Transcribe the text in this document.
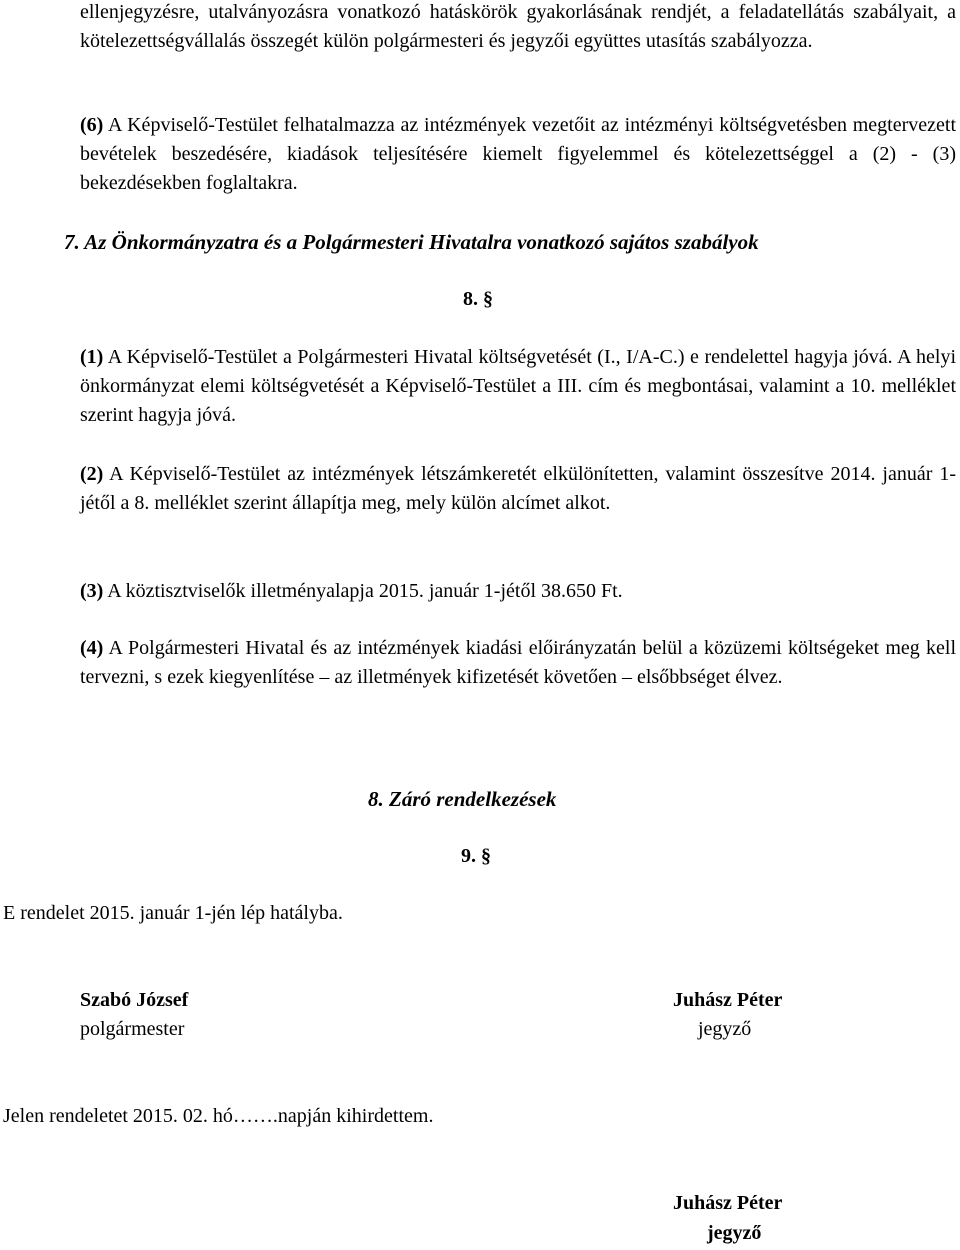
ellenjegyzésre, utalványozásra vonatkozó hatáskörök gyakorlásának rendjét, a feladatellátás szabályait, a kötelezettségvállalás összegét külön polgármesteri és jegyzői együttes utasítás szabályozza.

(6) A Képviselő-Testület felhatalmazza az intézmények vezetőit az intézményi költségvetésben megtervezett bevételek beszedésére, kiadások teljesítésére kiemelt figyelemmel és kötelezettséggel a (2) - (3) bekezdésekben foglaltakra.

7. Az Önkormányzatra és a Polgármesteri Hivatalra vonatkozó sajátos szabályok
8. §

(1) A Képviselő-Testület a Polgármesteri Hivatal költségvetését (I., I/A-C.) e rendelettel hagyja jóvá. A helyi önkormányzat elemi költségvetését a Képviselő-Testület a III. cím és megbontásai, valamint a 10. melléklet szerint hagyja jóvá.

(2) A Képviselő-Testület az intézmények létszámkeretét elkülönítetten, valamint összesítve 2014. január 1-jétől a 8. melléklet szerint állapítja meg, mely külön alcímet alkot.

(3) A köztisztviselők illetményalapja 2015. január 1-jétől 38.650 Ft.

(4) A Polgármesteri Hivatal és az intézmények kiadási előirányzatán belül a közüzemi költségeket meg kell tervezni, s ezek kiegyenlítése – az illetmények kifizetését követően – elsőbbséget élvez.

8. Záró rendelkezések
9. §

E rendelet 2015. január 1-jén lép hatályba.

Szabó József

polgármester

Juhász Péter

jegyző

Jelen rendeletet 2015. 02. hó…….napján kihirdettem.

Juhász Péter

jegyző
